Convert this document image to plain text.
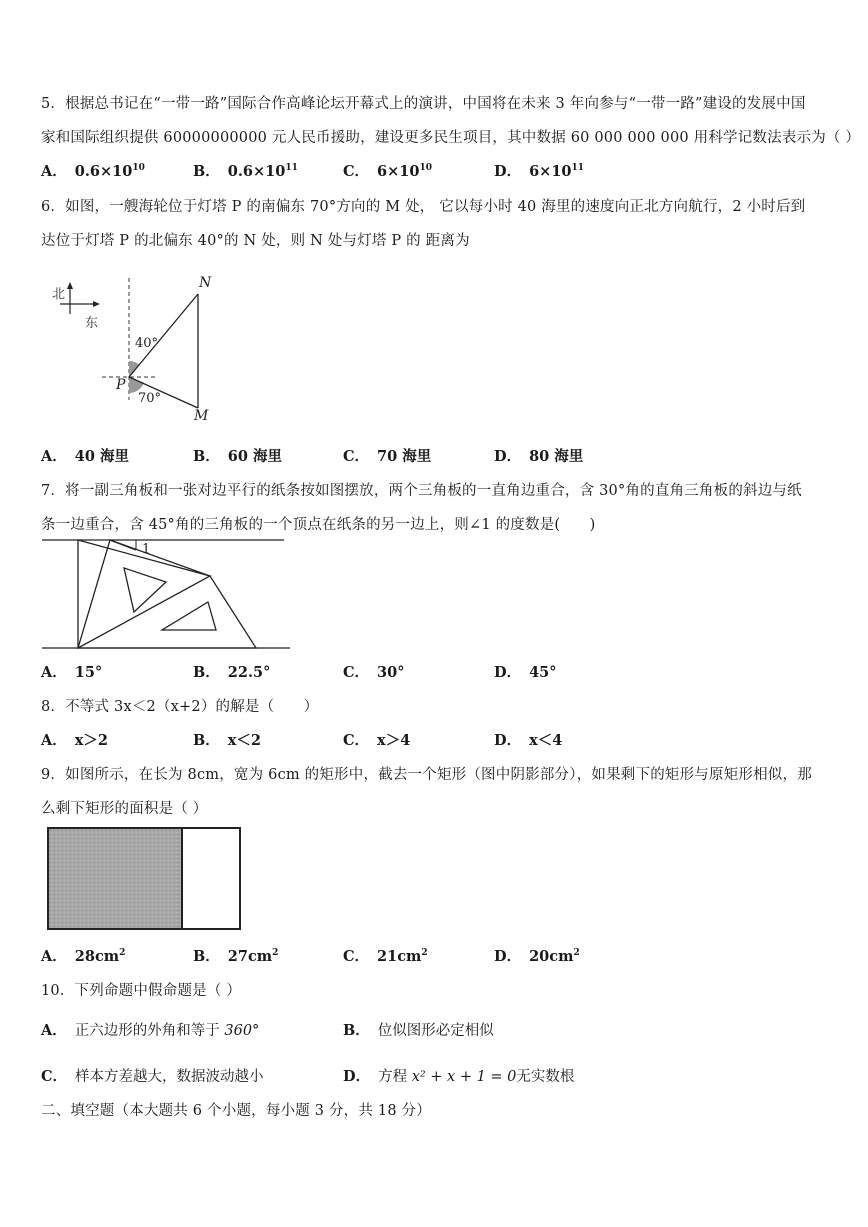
5．根据总书记在“一带一路”国际合作高峰论坛开幕式上的演讲，中国将在未来 3 年向参与“一带一路”建设的发展中国
家和国际组织提供 60000000000 元人民币援助，建设更多民生项目，其中数据 60 000 000 000 用科学记数法表示为（ ）
A． $0.6\times 10^{10}$	B． $0.6\times 10^{11}$	C． $6\times 10^{10}$	D． $6\times 10^{11}$
6．如图，一艘海轮位于灯塔 P 的南偏东 70°方向的 M 处， 它以每小时 40 海里的速度向正北方向航行，2 小时后到
达位于灯塔 P 的北偏东 40°的 N 处，则 N 处与灯塔 P 的 距离为
北
东
40°
70°
P
N
M
A． 40 海里	B． 60 海里	C． 70 海里	D． 80 海里
7．将一副三角板和一张对边平行的纸条按如图摆放，两个三角板的一直角边重合，含 30°角的直角三角板的斜边与纸
条一边重合，含 45°角的三角板的一个顶点在纸条的另一边上，则∠1 的度数是(　　)
1
A． 15°	B． 22.5°	C． 30°	D． 45°
8．不等式 3x＜2（x+2）的解是（　　）
A． x＞2	B． x＜2	C． x＞4	D． x＜4
9．如图所示，在长为 8cm，宽为 6cm 的矩形中，截去一个矩形（图中阴影部分），如果剩下的矩形与原矩形相似，那
么剩下矩形的面积是（ ）
A． $28cm^2$	B． $27cm^2$	C． $21cm^2$	D． $20cm^2$
10．下列命题中假命题是（ ）
A． 正六边形的外角和等于 360°	B． 位似图形必定相似
C． 样本方差越大，数据波动越小	D． 方程 x² + x + 1 = 0无实数根
二、填空题（本大题共 6 个小题，每小题 3 分，共 18 分）
